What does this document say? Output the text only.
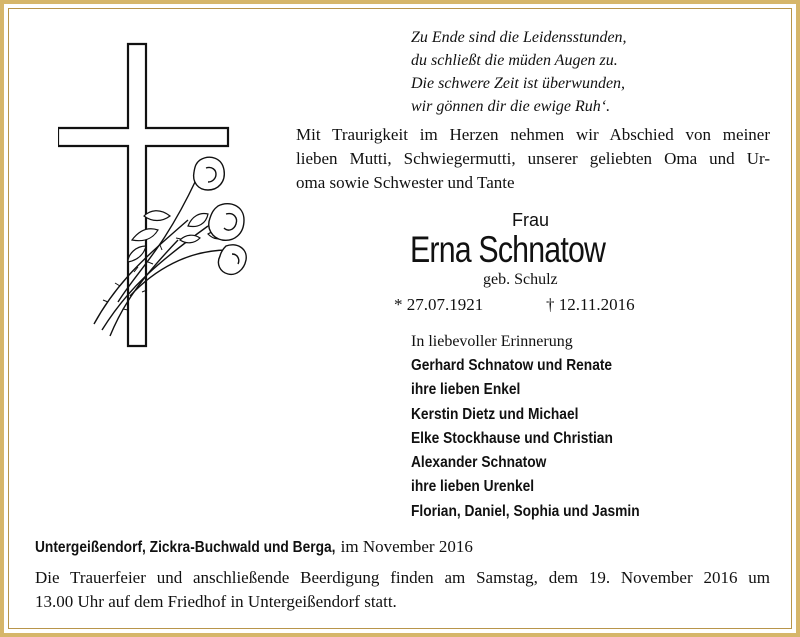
Zu Ende sind die Leidensstunden,
du schließt die müden Augen zu.
Die schwere Zeit ist überwunden,
wir gönnen dir die ewige Ruh‘.
Mit Traurigkeit im Herzen nehmen wir Abschied von meiner
lieben Mutti, Schwiegermutti, unserer geliebten Oma und Ur-
oma sowie Schwester und Tante
Frau
Erna Schnatow
geb. Schulz
* 27.07.1921	† 12.11.2016
In liebevoller Erinnerung
Gerhard Schnatow und Renate
ihre lieben Enkel
Kerstin Dietz und Michael
Elke Stockhause und Christian
Alexander Schnatow
ihre lieben Urenkel
Florian, Daniel, Sophia und Jasmin
Untergeißendorf, Zickra-Buchwald und Berga, im November 2016
Die Trauerfeier und anschließende Beerdigung finden am Samstag, dem 19. November 2016 um
13.00 Uhr auf dem Friedhof in Untergeißendorf statt.
